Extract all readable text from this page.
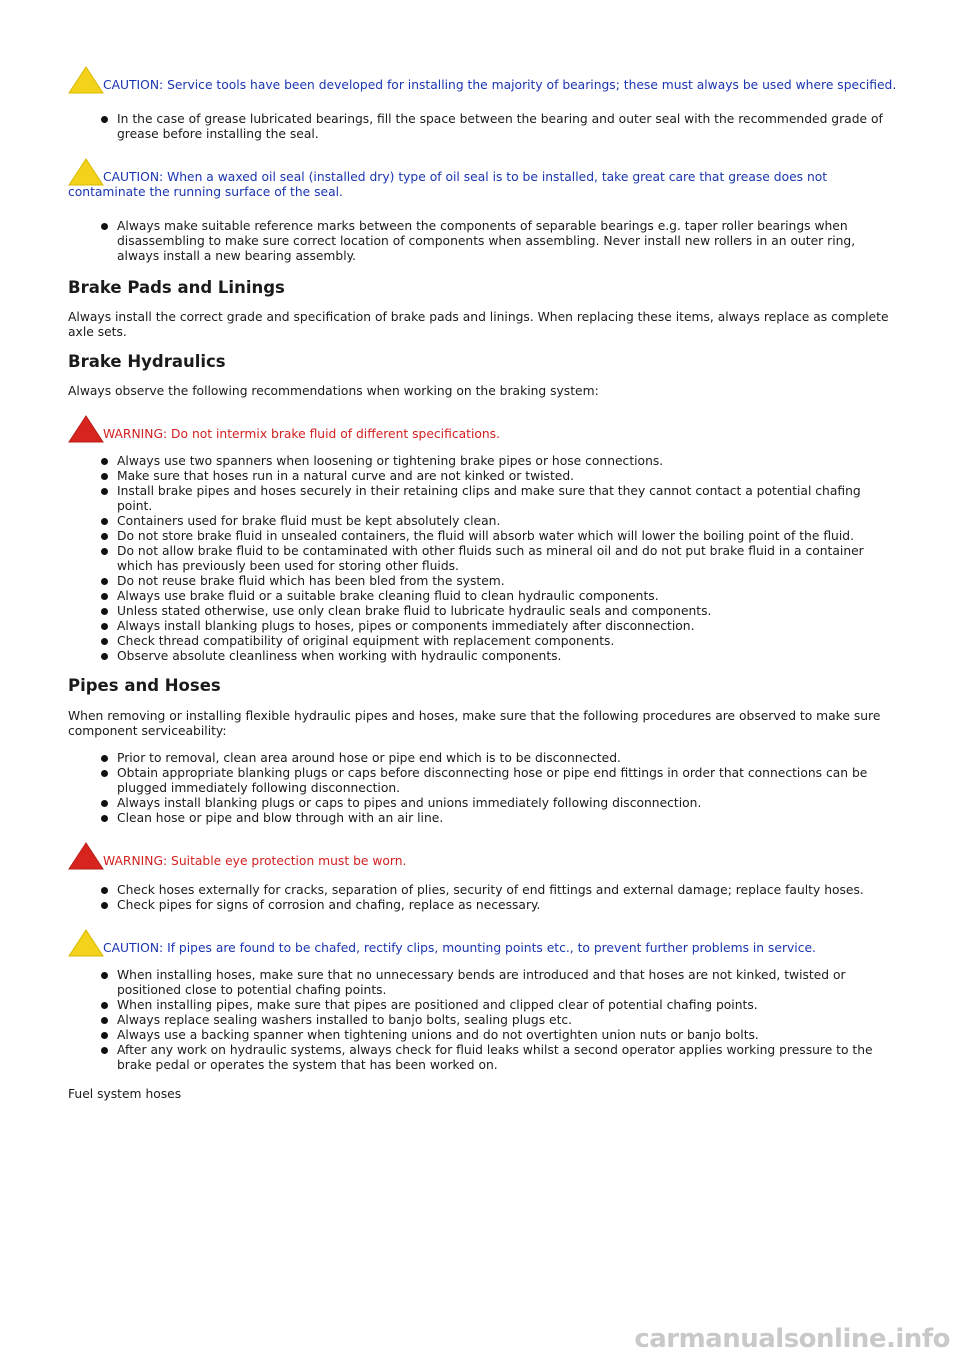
CAUTION: Service tools have been developed for installing the majority of bearings; these must always be used where specified.
In the case of grease lubricated bearings, fill the space between the bearing and outer seal with the recommended grade of grease before installing the seal.
CAUTION: When a waxed oil seal (installed dry) type of oil seal is to be installed, take great care that grease does not contaminate the running surface of the seal.
Always make suitable reference marks between the components of separable bearings e.g. taper roller bearings when disassembling to make sure correct location of components when assembling. Never install new rollers in an outer ring, always install a new bearing assembly.
Brake Pads and Linings

Always install the correct grade and specification of brake pads and linings. When replacing these items, always replace as complete axle sets.

Brake Hydraulics

Always observe the following recommendations when working on the braking system:

WARNING: Do not intermix brake fluid of different specifications.
Always use two spanners when loosening or tightening brake pipes or hose connections.
Make sure that hoses run in a natural curve and are not kinked or twisted.
Install brake pipes and hoses securely in their retaining clips and make sure that they cannot contact a potential chafing point.
Containers used for brake fluid must be kept absolutely clean.
Do not store brake fluid in unsealed containers, the fluid will absorb water which will lower the boiling point of the fluid.
Do not allow brake fluid to be contaminated with other fluids such as mineral oil and do not put brake fluid in a container which has previously been used for storing other fluids.
Do not reuse brake fluid which has been bled from the system.
Always use brake fluid or a suitable brake cleaning fluid to clean hydraulic components.
Unless stated otherwise, use only clean brake fluid to lubricate hydraulic seals and components.
Always install blanking plugs to hoses, pipes or components immediately after disconnection.
Check thread compatibility of original equipment with replacement components.
Observe absolute cleanliness when working with hydraulic components.
Pipes and Hoses

When removing or installing flexible hydraulic pipes and hoses, make sure that the following procedures are observed to make sure component serviceability:

Prior to removal, clean area around hose or pipe end which is to be disconnected.
Obtain appropriate blanking plugs or caps before disconnecting hose or pipe end fittings in order that connections can be plugged immediately following disconnection.
Always install blanking plugs or caps to pipes and unions immediately following disconnection.
Clean hose or pipe and blow through with an air line.
WARNING: Suitable eye protection must be worn.
Check hoses externally for cracks, separation of plies, security of end fittings and external damage; replace faulty hoses.
Check pipes for signs of corrosion and chafing, replace as necessary.
CAUTION: If pipes are found to be chafed, rectify clips, mounting points etc., to prevent further problems in service.
When installing hoses, make sure that no unnecessary bends are introduced and that hoses are not kinked, twisted or positioned close to potential chafing points.
When installing pipes, make sure that pipes are positioned and clipped clear of potential chafing points.
Always replace sealing washers installed to banjo bolts, sealing plugs etc.
Always use a backing spanner when tightening unions and do not overtighten union nuts or banjo bolts.
After any work on hydraulic systems, always check for fluid leaks whilst a second operator applies working pressure to the brake pedal or operates the system that has been worked on.

Fuel system hoses

carmanualsonline.info
